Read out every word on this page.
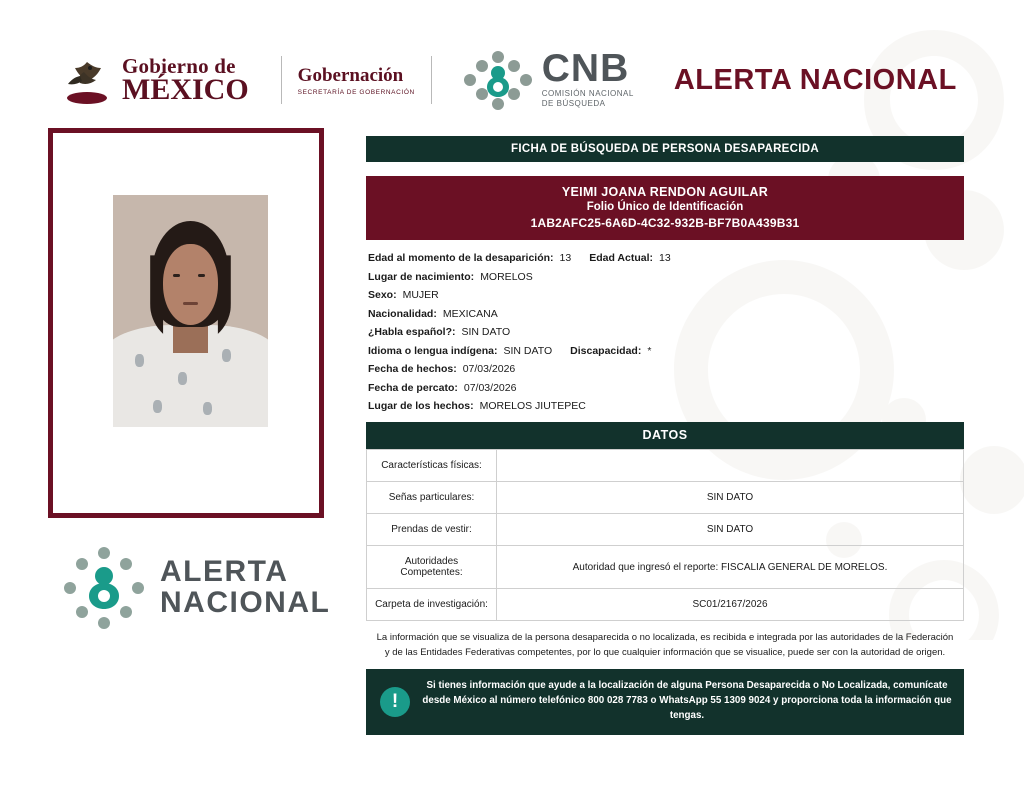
Gobierno de
MÉXICO	Gobernación
SECRETARÍA DE GOBERNACIÓN
CNB
COMISIÓN NACIONAL
DE BÚSQUEDA
ALERTA NACIONAL
ALERTA
NACIONAL
FICHA DE BÚSQUEDA DE PERSONA DESAPARECIDA
YEIMI JOANA RENDON AGUILAR
Folio Único de Identificación
1AB2AFC25-6A6D-4C32-932B-BF7B0A439B31
Edad al momento de la desaparición: 13 Edad Actual: 13
Lugar de nacimiento: MORELOS
Sexo: MUJER
Nacionalidad: MEXICANA
¿Habla español?: SIN DATO
Idioma o lengua indígena: SIN DATO Discapacidad: *
Fecha de hechos: 07/03/2026
Fecha de percato: 07/03/2026
Lugar de los hechos: MORELOS JIUTEPEC
DATOS
Características físicas:	
Señas particulares:	SIN DATO
Prendas de vestir:	SIN DATO
Autoridades Competentes:	Autoridad que ingresó el reporte: FISCALIA GENERAL DE MORELOS.
Carpeta de investigación:	SC01/2167/2026
La información que se visualiza de la persona desaparecida o no localizada, es recibida e integrada por las autoridades de la Federación y de las Entidades Federativas competentes, por lo que cualquier información que se visualice, puede ser con la autoridad de origen.
!
Si tienes información que ayude a la localización de alguna Persona Desaparecida o No Localizada, comunícate desde México al número telefónico 800 028 7783 o WhatsApp 55 1309 9024 y proporciona toda la información que tengas.
